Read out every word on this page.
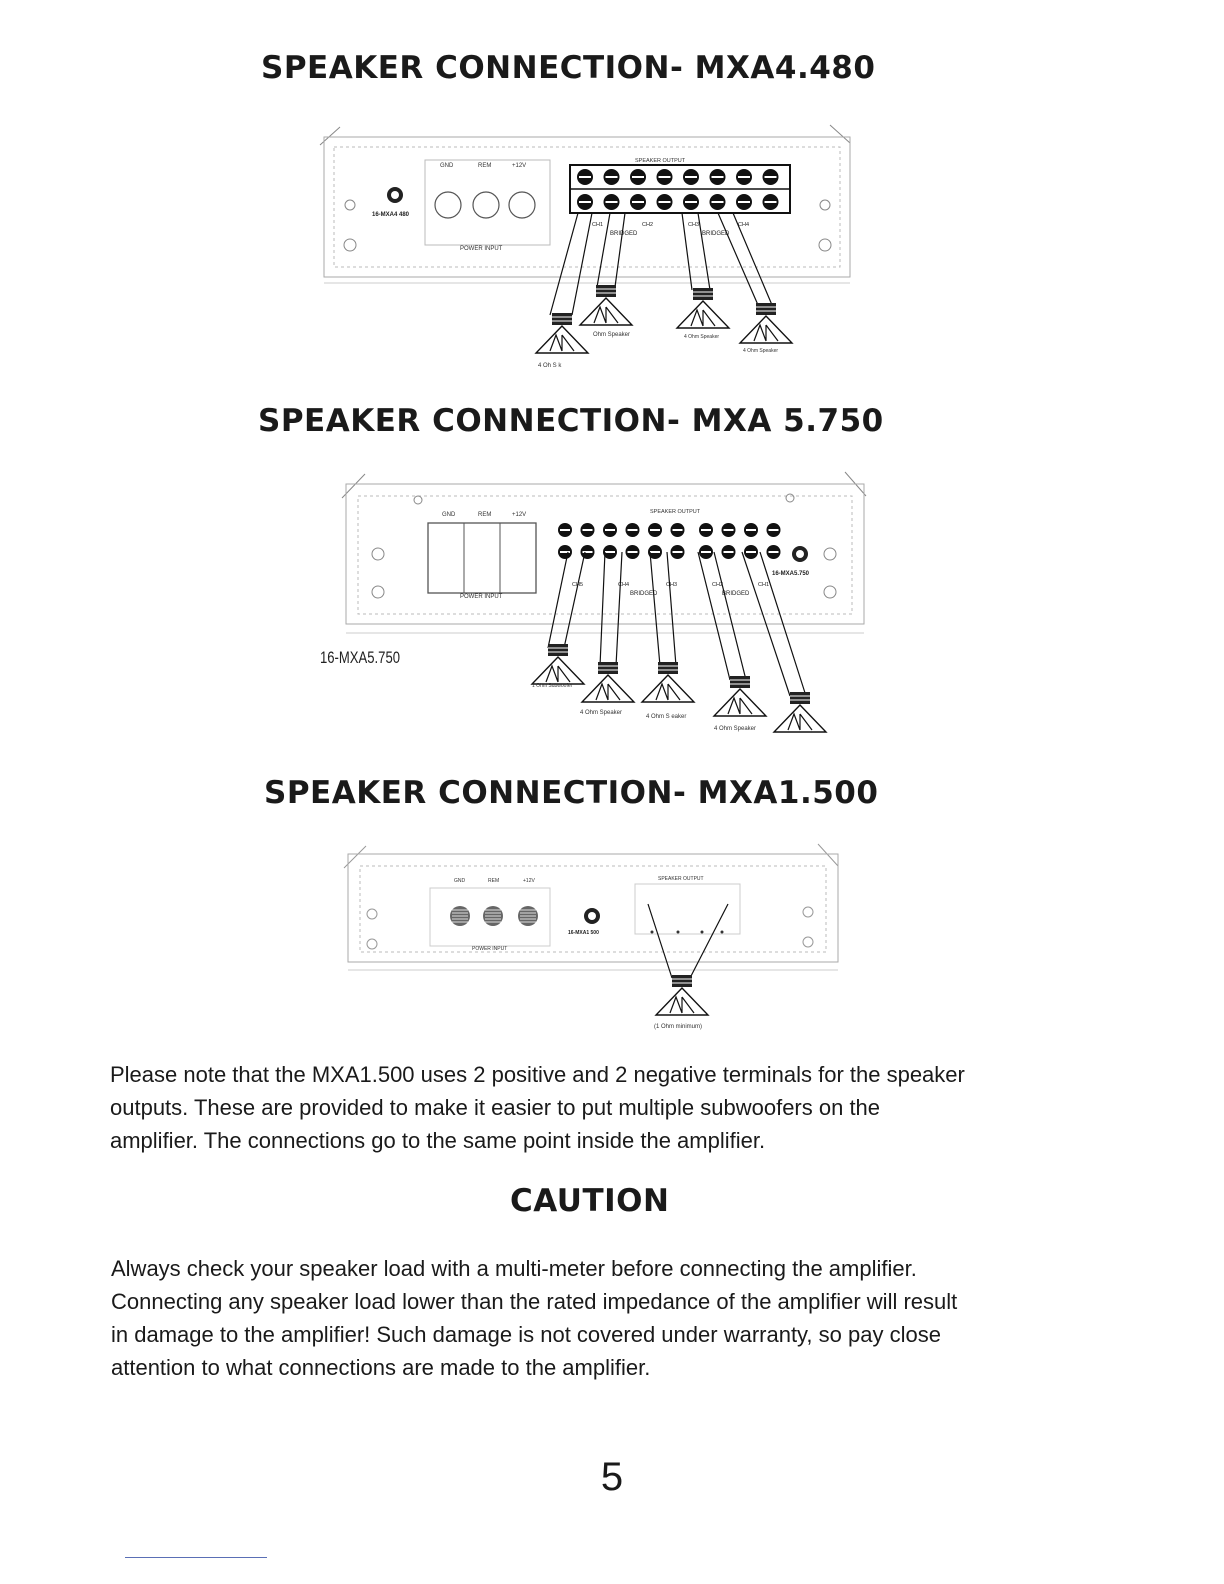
SPEAKER CONNECTION- MXA4.480
GND	REM	+12V
POWER INPUT
16-MXA4 480
SPEAKER OUTPUT
CH1	CH2	CH3	CH4
BRIDGED	BRIDGED
Ohm Speaker	4 Ohm Speaker
4 Ohm Speaker
4 Oh S k
SPEAKER CONNECTION- MXA 5.750
GND	REM	+12V
POWER INPUT
SPEAKER OUTPUT
16-MXA5.750
CH5	CH4	CH3	CH2	CH1
BRIDGED	BRIDGED
16-MXA5.750
1 Ohm Subwoofer
4 Ohm Speaker
4 Ohm S eaker
4 Ohm Speaker
SPEAKER CONNECTION- MXA1.500
GND	REM	+12V
POWER INPUT
16-MXA1 500
SPEAKER OUTPUT
(1 Ohm minimum)

Please note that the MXA1.500 uses 2 positive and 2 negative terminals for the speaker
outputs. These are provided to make it easier to put multiple subwoofers on the
amplifier. The connections go to the same point inside the amplifier.

CAUTION

Always check your speaker load with a multi-meter before connecting the amplifier.
Connecting any speaker load lower than the rated impedance of the amplifier will result
in damage to the amplifier! Such damage is not covered under warranty, so pay close
attention to what connections are made to the amplifier.

5
